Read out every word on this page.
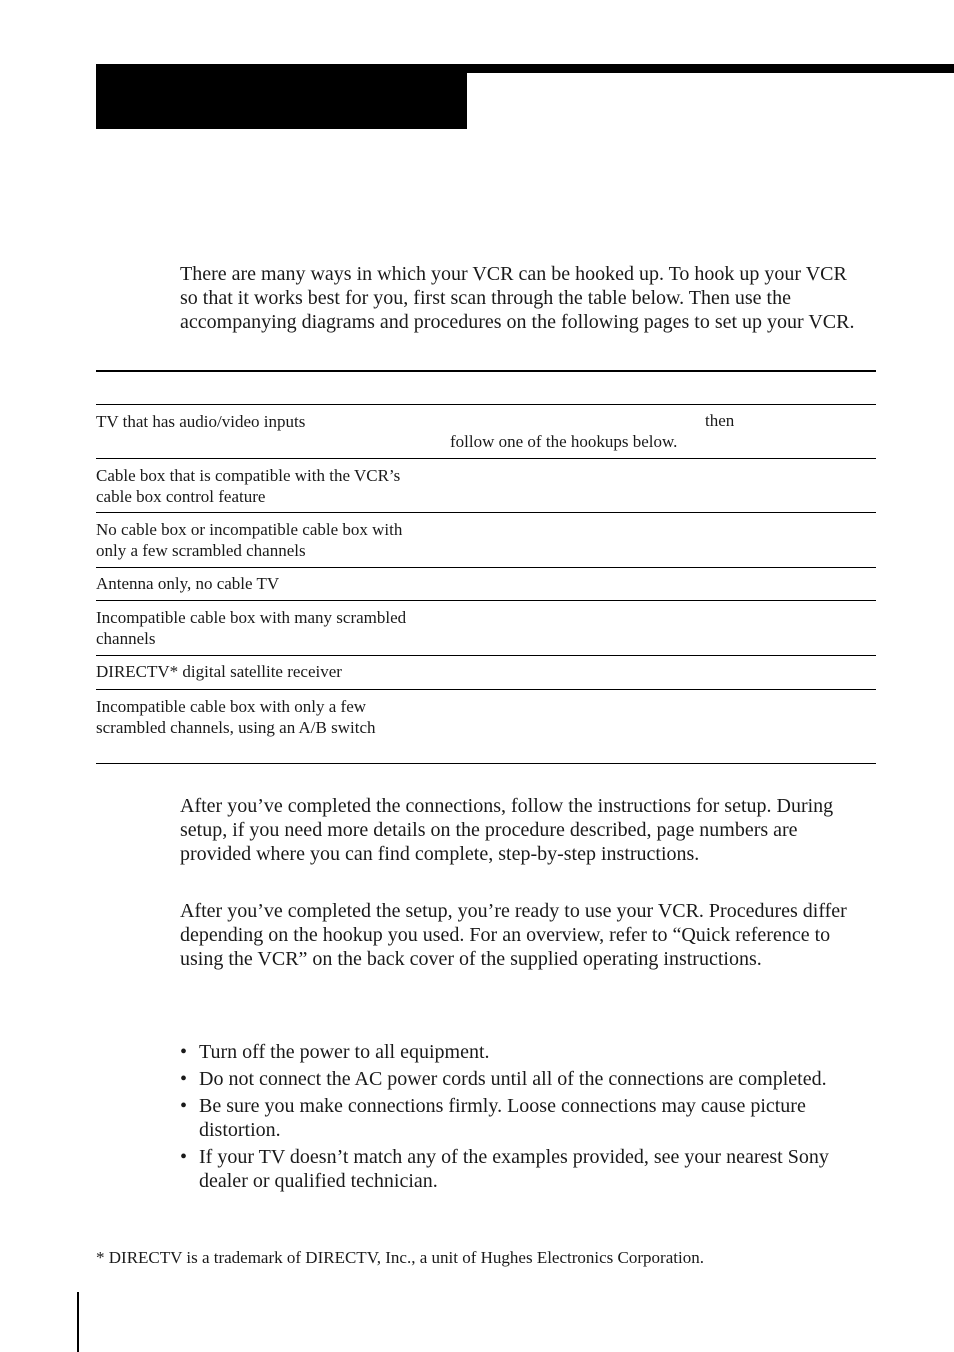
There are many ways in which your VCR can be hooked up. To hook up your VCR so that it works best for you, first scan through the table below. Then use the accompanying diagrams and procedures on the following pages to set up your VCR.

TV that has audio/video inputs	then
follow one of the hookups below.
Cable box that is compatible with the VCR’s cable box control feature
No cable box or incompatible cable box with only a few scrambled channels
Antenna only, no cable TV
Incompatible cable box with many scrambled channels
DIRECTV* digital satellite receiver
Incompatible cable box with only a few scrambled channels, using an A/B switch

After you’ve completed the connections, follow the instructions for setup. During setup, if you need more details on the procedure described, page numbers are provided where you can find complete, step-by-step instructions.

After you’ve completed the setup, you’re ready to use your VCR. Procedures differ depending on the hookup you used. For an overview, refer to “Quick reference to using the VCR” on the back cover of the supplied operating instructions.

• Turn off the power to all equipment.
• Do not connect the AC power cords until all of the connections are completed.
• Be sure you make connections firmly. Loose connections may cause picture distortion.
• If your TV doesn’t match any of the examples provided, see your nearest Sony dealer or qualified technician.

* DIRECTV is a trademark of DIRECTV, Inc., a unit of Hughes Electronics Corporation.
